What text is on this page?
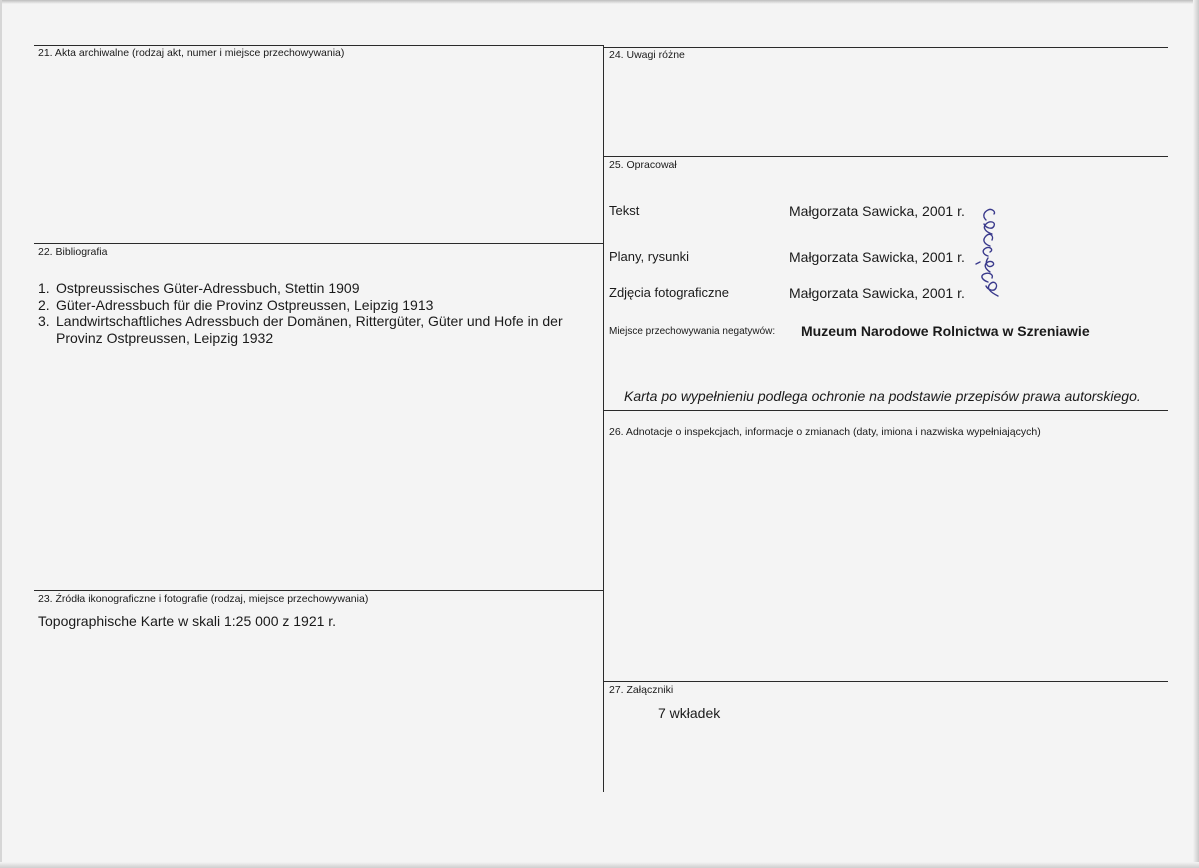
21. Akta archiwalne (rodzaj akt, numer i miejsce przechowywania)
22. Bibliografia
1. Ostpreussisches Güter-Adressbuch, Stettin 1909
2. Güter-Adressbuch für die Provinz Ostpreussen, Leipzig 1913
3. Landwirtschaftliches Adressbuch der Domänen, Rittergüter, Güter und Hofe in der Provinz Ostpreussen, Leipzig 1932
23. Źródła ikonograficzne i fotografie (rodzaj, miejsce przechowywania)
Topographische Karte w skali 1:25 000 z 1921 r.
24. Uwagi różne
25. Opracował
Tekst	Małgorzata Sawicka, 2001 r.
Plany, rysunki	Małgorzata Sawicka, 2001 r.
Zdjęcia fotograficzne	Małgorzata Sawicka, 2001 r.
Miejsce przechowywania negatywów: Muzeum Narodowe Rolnictwa w Szreniawie
Karta po wypełnieniu podlega ochronie na podstawie przepisów prawa autorskiego.
26. Adnotacje o inspekcjach, informacje o zmianach (daty, imiona i nazwiska wypełniających)
27. Załączniki
7 wkładek
